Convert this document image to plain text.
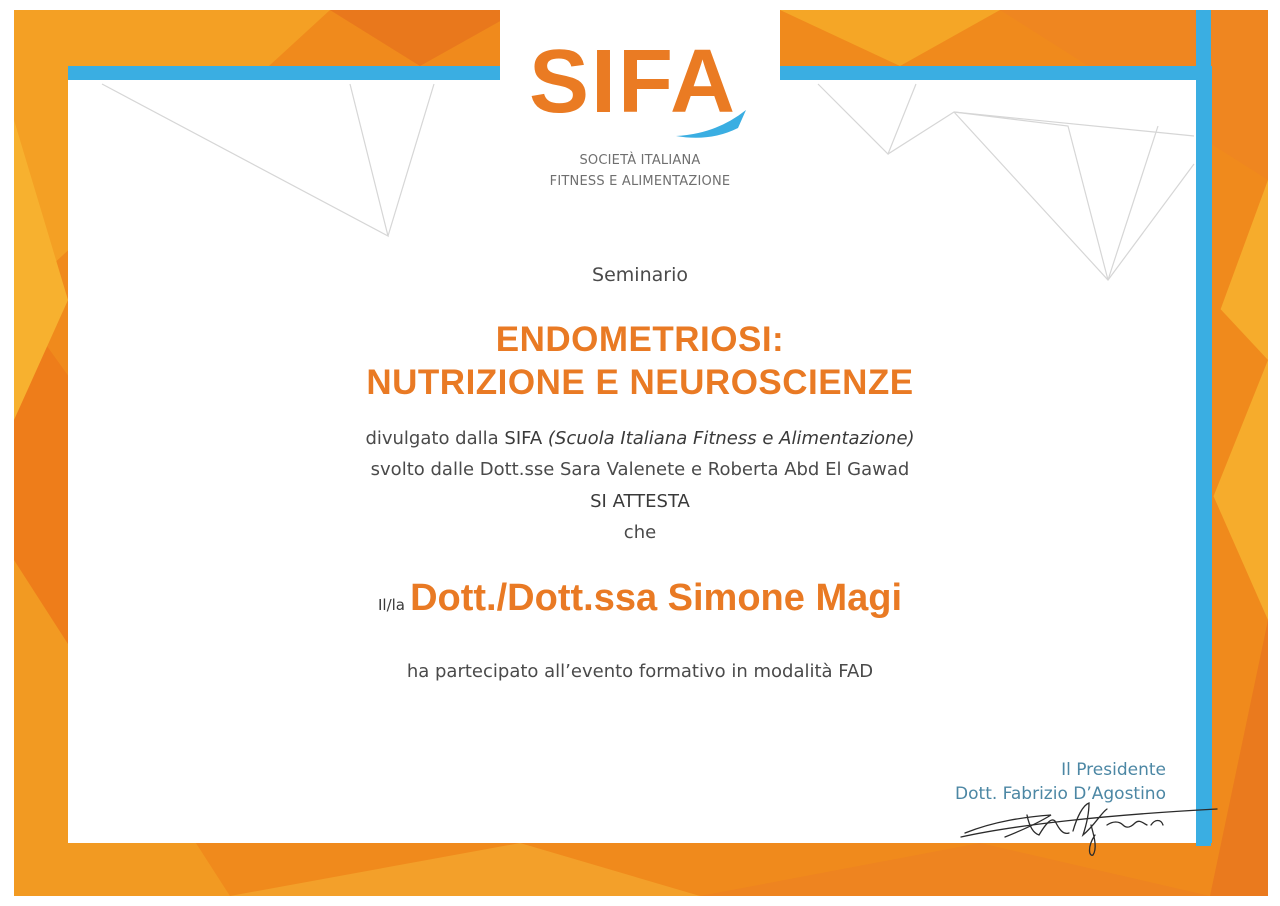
SIFA
SOCIETÀ ITALIANA
FITNESS E ALIMENTAZIONE
Seminario
ENDOMETRIOSI:
NUTRIZIONE E NEUROSCIENZE
divulgato dalla SIFA (Scuola Italiana Fitness e Alimentazione)
svolto dalle Dott.sse Sara Valenete e Roberta Abd El Gawad
SI ATTESTA
che
Il/la Dott./Dott.ssa Simone Magi
ha partecipato all’evento formativo in modalità FAD
Il Presidente
Dott. Fabrizio D’Agostino
